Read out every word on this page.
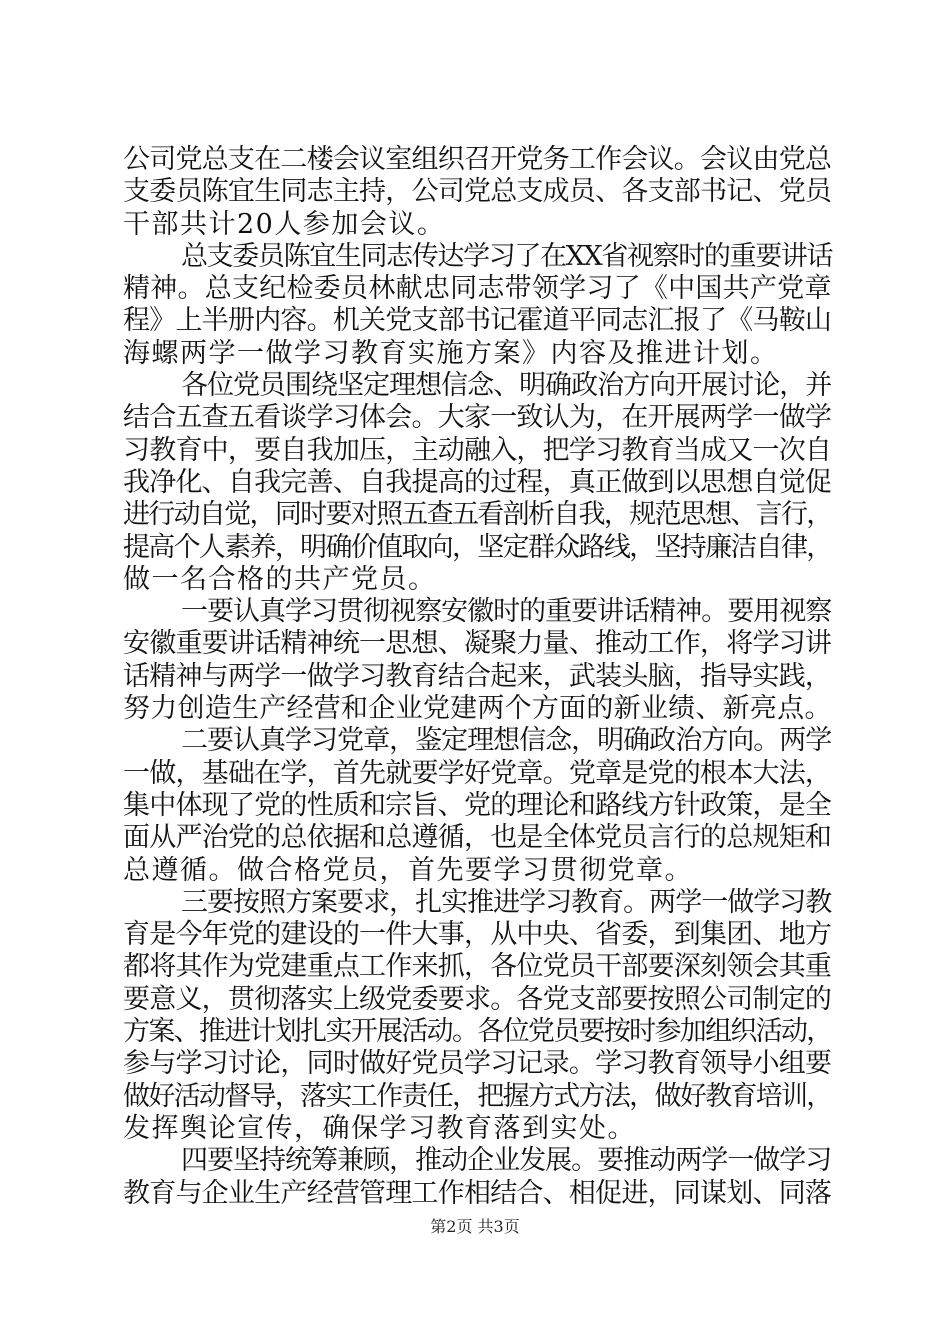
公司党总支在二楼会议室组织召开党务工作会议。会议由党总
支委员陈宜生同志主持，公司党总支成员、各支部书记、党员
干部共计20人参加会议。
总支委员陈宜生同志传达学习了在XX省视察时的重要讲话
精神。总支纪检委员林献忠同志带领学习了《中国共产党章
程》上半册内容。机关党支部书记霍道平同志汇报了《马鞍山
海螺两学一做学习教育实施方案》内容及推进计划。
各位党员围绕坚定理想信念、明确政治方向开展讨论，并
结合五查五看谈学习体会。大家一致认为，在开展两学一做学
习教育中，要自我加压，主动融入，把学习教育当成又一次自
我净化、自我完善、自我提高的过程，真正做到以思想自觉促
进行动自觉，同时要对照五查五看剖析自我，规范思想、言行，
提高个人素养，明确价值取向，坚定群众路线，坚持廉洁自律，
做一名合格的共产党员。
一要认真学习贯彻视察安徽时的重要讲话精神。要用视察
安徽重要讲话精神统一思想、凝聚力量、推动工作，将学习讲
话精神与两学一做学习教育结合起来，武装头脑，指导实践，
努力创造生产经营和企业党建两个方面的新业绩、新亮点。
二要认真学习党章，鉴定理想信念，明确政治方向。两学
一做，基础在学，首先就要学好党章。党章是党的根本大法，
集中体现了党的性质和宗旨、党的理论和路线方针政策，是全
面从严治党的总依据和总遵循，也是全体党员言行的总规矩和
总遵循。做合格党员，首先要学习贯彻党章。
三要按照方案要求，扎实推进学习教育。两学一做学习教
育是今年党的建设的一件大事，从中央、省委，到集团、地方
都将其作为党建重点工作来抓，各位党员干部要深刻领会其重
要意义，贯彻落实上级党委要求。各党支部要按照公司制定的
方案、推进计划扎实开展活动。各位党员要按时参加组织活动，
参与学习讨论，同时做好党员学习记录。学习教育领导小组要
做好活动督导，落实工作责任，把握方式方法，做好教育培训，
发挥舆论宣传，确保学习教育落到实处。
四要坚持统筹兼顾，推动企业发展。要推动两学一做学习
教育与企业生产经营管理工作相结合、相促进，同谋划、同落
第2页 共3页
